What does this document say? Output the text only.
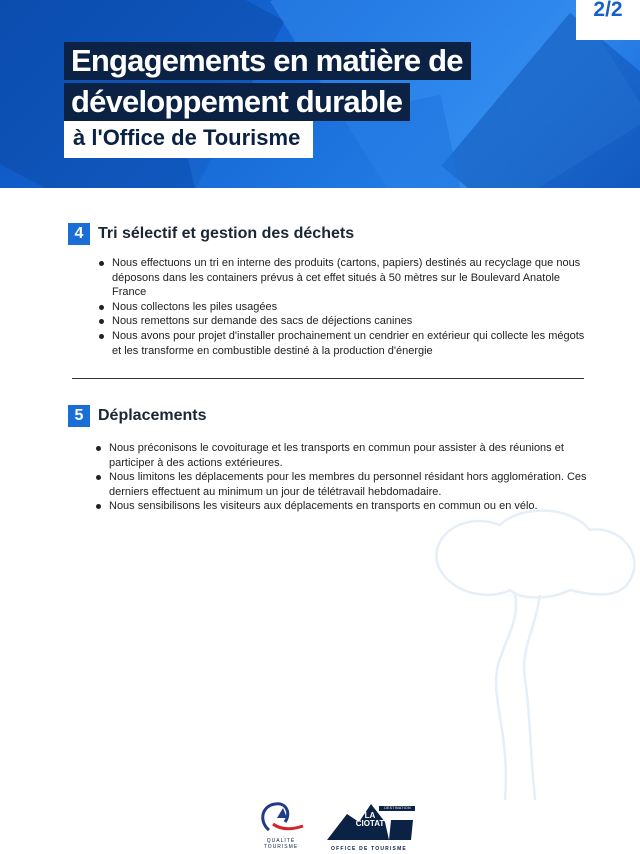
2/2
Engagements en matière de
développement durable
à l'Office de Tourisme
4 Tri sélectif et gestion des déchets
Nous effectuons un tri en interne des produits (cartons, papiers) destinés au recyclage que nous déposons dans les containers prévus à cet effet situés à 50 mètres sur le Boulevard Anatole France
Nous collectons les piles usagées
Nous remettons sur demande des sacs de déjections canines
Nous avons pour projet d'installer prochainement un cendrier en extérieur qui collecte les mégots et les transforme en combustible destiné à la production d'énergie
5 Déplacements
Nous préconisons le covoiturage et les transports en commun pour assister à des réunions et participer à des actions extérieures.
Nous limitons les déplacements pour les membres du personnel résidant hors agglomération. Ces derniers effectuent au minimum un jour de télétravail hebdomadaire.
Nous sensibilisons les visiteurs aux déplacements en transports en commun ou en vélo.
QUALITÉ TOURISME
LA CIOTAT
DESTINATION
OFFICE DE TOURISME
